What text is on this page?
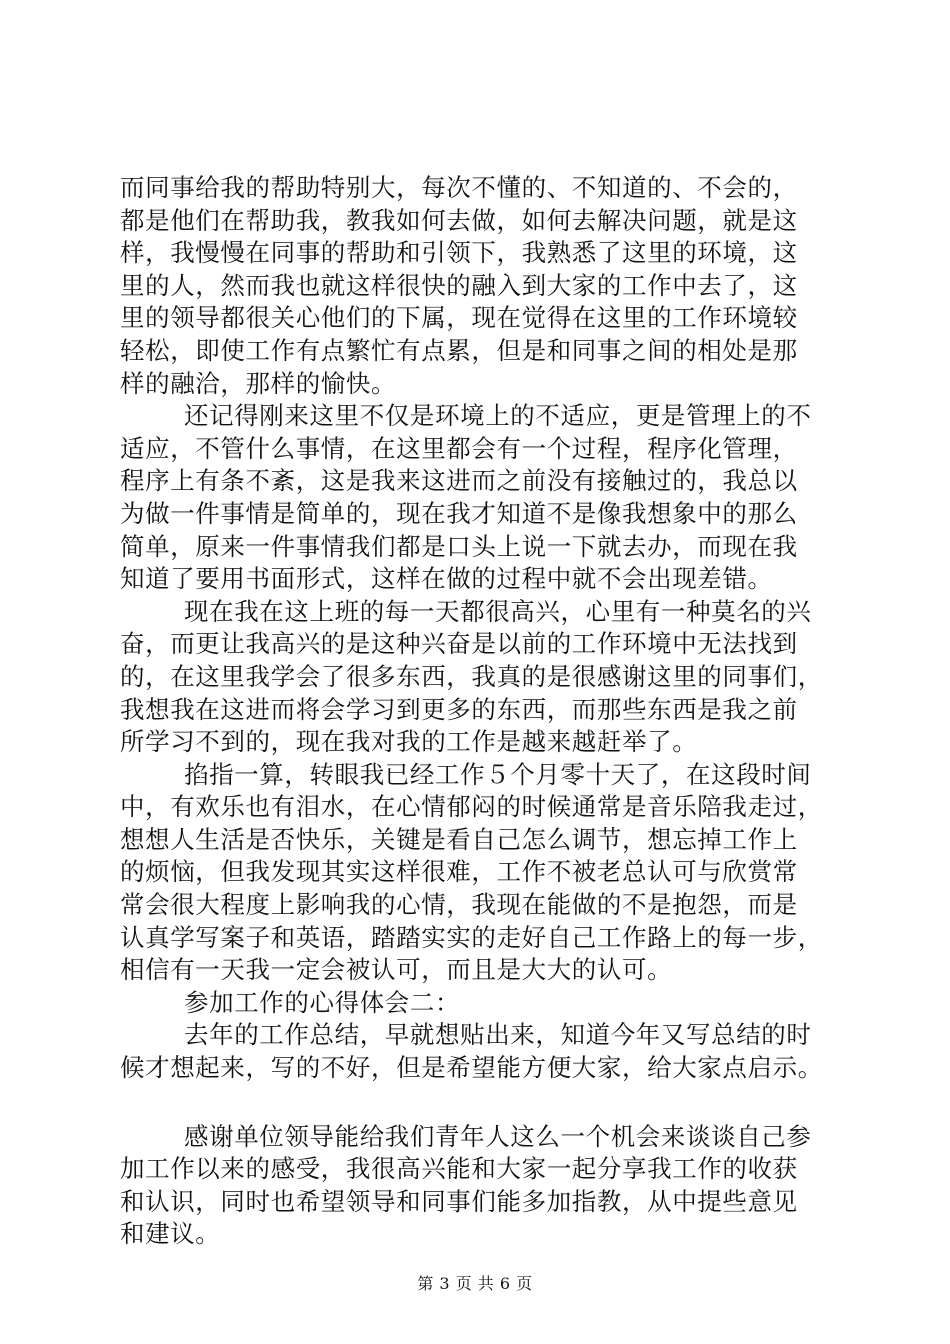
而同事给我的帮助特别大，每次不懂的、不知道的、不会的，
都是他们在帮助我，教我如何去做，如何去解决问题，就是这
样，我慢慢在同事的帮助和引领下，我熟悉了这里的环境，这
里的人，然而我也就这样很快的融入到大家的工作中去了，这
里的领导都很关心他们的下属，现在觉得在这里的工作环境较
轻松，即使工作有点繁忙有点累，但是和同事之间的相处是那
样的融洽，那样的愉快。
还记得刚来这里不仅是环境上的不适应，更是管理上的不
适应，不管什么事情，在这里都会有一个过程，程序化管理，
程序上有条不紊，这是我来这进而之前没有接触过的，我总以
为做一件事情是简单的，现在我才知道不是像我想象中的那么
简单，原来一件事情我们都是口头上说一下就去办，而现在我
知道了要用书面形式，这样在做的过程中就不会出现差错。
现在我在这上班的每一天都很高兴，心里有一种莫名的兴
奋，而更让我高兴的是这种兴奋是以前的工作环境中无法找到
的，在这里我学会了很多东西，我真的是很感谢这里的同事们，
我想我在这进而将会学习到更多的东西，而那些东西是我之前
所学习不到的，现在我对我的工作是越来越赶举了。
掐指一算，转眼我已经工作５个月零十天了，在这段时间
中，有欢乐也有泪水，在心情郁闷的时候通常是音乐陪我走过，
想想人生活是否快乐，关键是看自己怎么调节，想忘掉工作上
的烦恼，但我发现其实这样很难，工作不被老总认可与欣赏常
常会很大程度上影响我的心情，我现在能做的不是抱怨，而是
认真学写案子和英语，踏踏实实的走好自己工作路上的每一步，
相信有一天我一定会被认可，而且是大大的认可。
参加工作的心得体会二：
去年的工作总结，早就想贴出来，知道今年又写总结的时
候才想起来，写的不好，但是希望能方便大家，给大家点启示。
感谢单位领导能给我们青年人这么一个机会来谈谈自己参
加工作以来的感受，我很高兴能和大家一起分享我工作的收获
和认识，同时也希望领导和同事们能多加指教，从中提些意见
和建议。
第 3 页 共 6 页
